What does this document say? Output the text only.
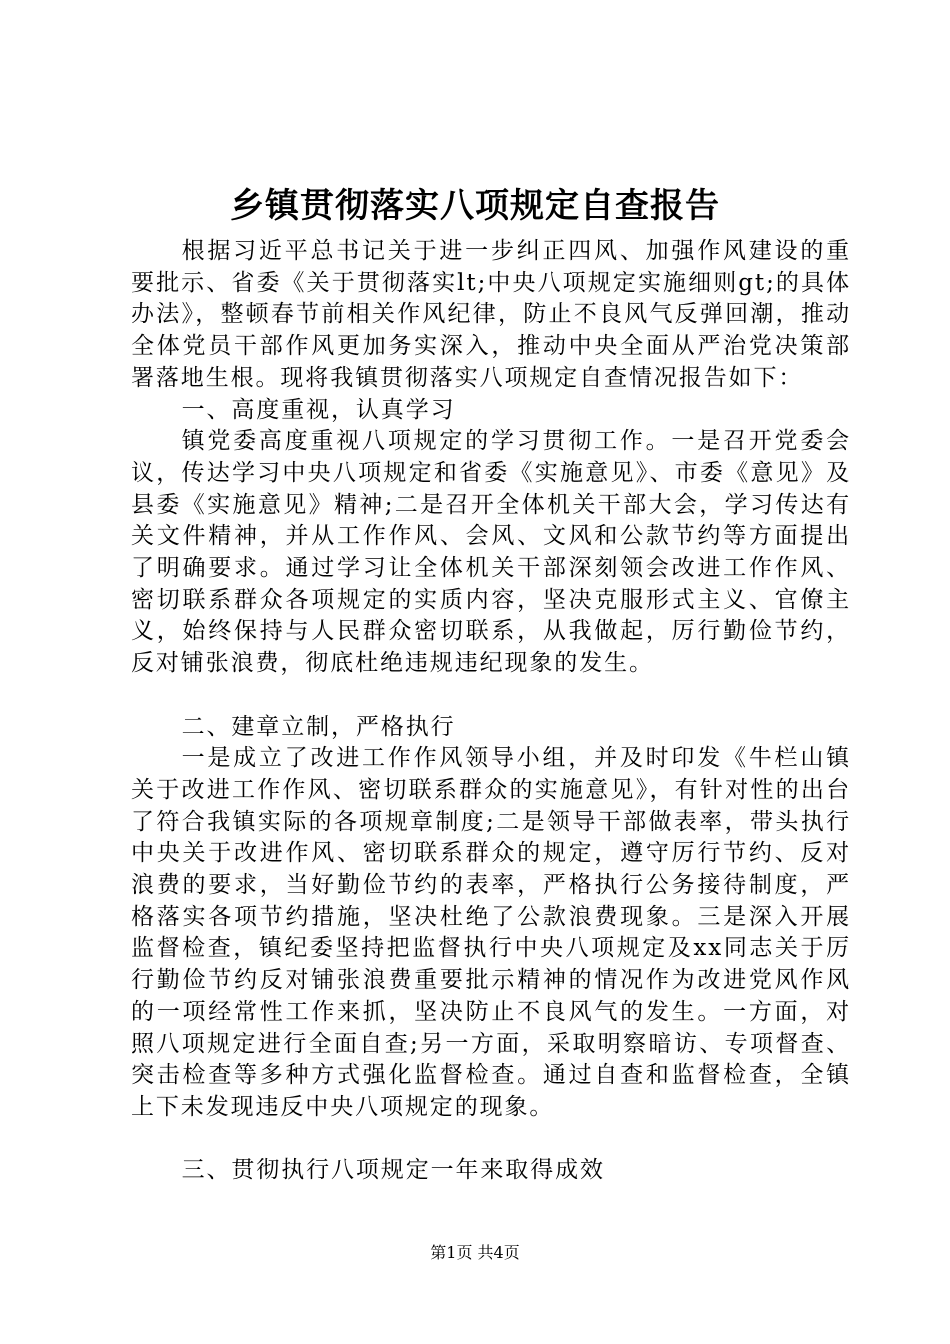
乡镇贯彻落实八项规定自查报告

根据习近平总书记关于进一步纠正四风、加强作风建设的重要批示、省委《关于贯彻落实lt;中央八项规定实施细则gt;的具体办法》，整顿春节前相关作风纪律，防止不良风气反弹回潮，推动全体党员干部作风更加务实深入，推动中央全面从严治党决策部署落地生根。现将我镇贯彻落实八项规定自查情况报告如下：

一、高度重视，认真学习

镇党委高度重视八项规定的学习贯彻工作。一是召开党委会议，传达学习中央八项规定和省委《实施意见》、市委《意见》及县委《实施意见》精神;二是召开全体机关干部大会，学习传达有关文件精神，并从工作作风、会风、文风和公款节约等方面提出了明确要求。通过学习让全体机关干部深刻领会改进工作作风、密切联系群众各项规定的实质内容，坚决克服形式主义、官僚主义，始终保持与人民群众密切联系，从我做起，厉行勤俭节约，反对铺张浪费，彻底杜绝违规违纪现象的发生。

二、建章立制，严格执行

一是成立了改进工作作风领导小组，并及时印发《牛栏山镇关于改进工作作风、密切联系群众的实施意见》，有针对性的出台了符合我镇实际的各项规章制度;二是领导干部做表率，带头执行中央关于改进作风、密切联系群众的规定，遵守厉行节约、反对浪费的要求，当好勤俭节约的表率，严格执行公务接待制度，严格落实各项节约措施，坚决杜绝了公款浪费现象。三是深入开展监督检查，镇纪委坚持把监督执行中央八项规定及xx同志关于厉行勤俭节约反对铺张浪费重要批示精神的情况作为改进党风作风的一项经常性工作来抓，坚决防止不良风气的发生。一方面，对照八项规定进行全面自查;另一方面，采取明察暗访、专项督查、突击检查等多种方式强化监督检查。通过自查和监督检查，全镇上下未发现违反中央八项规定的现象。

三、贯彻执行八项规定一年来取得成效

第1页 共4页
